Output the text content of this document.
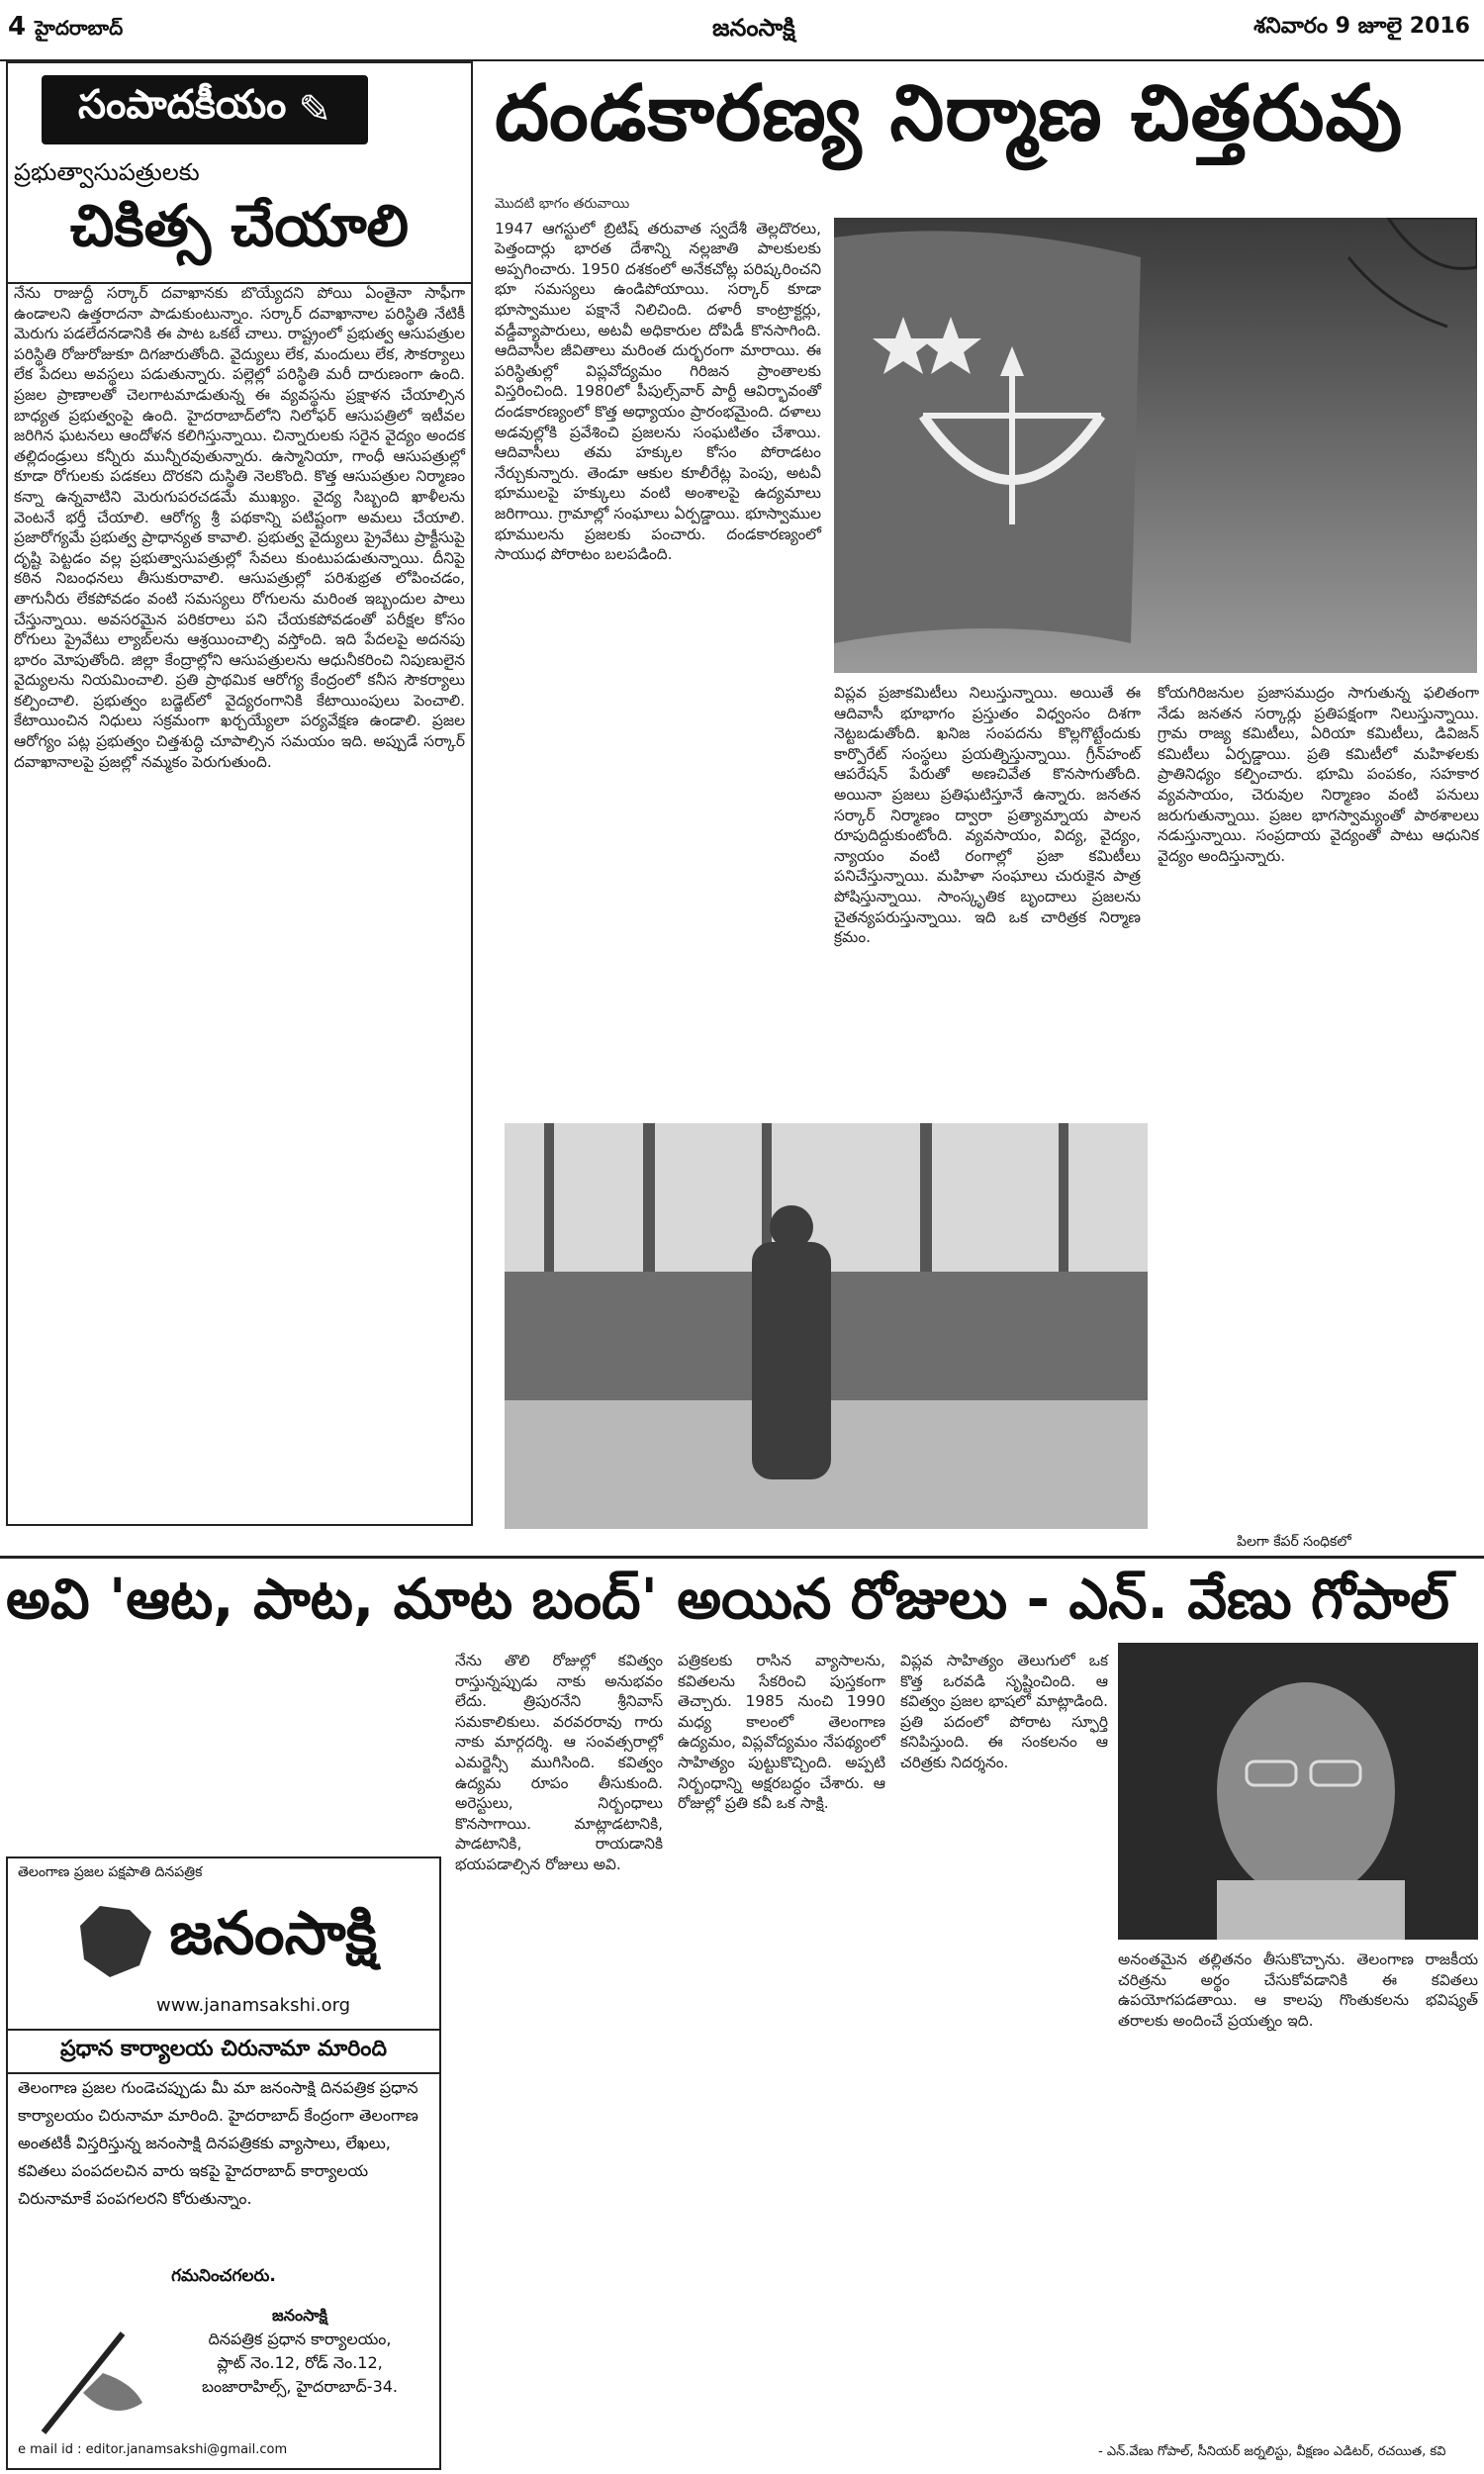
4 హైదరాబాద్	జనంసాక్షి	శనివారం 9 జూలై 2016
సంపాదకీయం ✎
ప్రభుత్వాసుపత్రులకు
చికిత్స చేయాలి
నేను రాజుద్దీ సర్కార్ దవాఖానకు బొయ్యేదని పోయి ఏంతైనా సాఫీగా ఉండాలని ఉత్తరాదనా పాడుకుంటున్నాం. సర్కార్ దవాఖానాల పరిస్థితి నేటికీ మెరుగు పడలేదనడానికి ఈ పాట ఒకటే చాలు. రాష్ట్రంలో ప్రభుత్వ ఆసుపత్రుల పరిస్థితి రోజురోజుకూ దిగజారుతోంది. వైద్యులు లేక, మందులు లేక, సౌకర్యాలు లేక పేదలు అవస్థలు పడుతున్నారు. పల్లెల్లో పరిస్థితి మరీ దారుణంగా ఉంది. ప్రజల ప్రాణాలతో చెలగాటమాడుతున్న ఈ వ్యవస్థను ప్రక్షాళన చేయాల్సిన బాధ్యత ప్రభుత్వంపై ఉంది. హైదరాబాద్‌లోని నిలోఫర్ ఆసుపత్రిలో ఇటీవల జరిగిన ఘటనలు ఆందోళన కలిగిస్తున్నాయి. చిన్నారులకు సరైన వైద్యం అందక తల్లిదండ్రులు కన్నీరు మున్నీరవుతున్నారు. ఉస్మానియా, గాంధీ ఆసుపత్రుల్లో కూడా రోగులకు పడకలు దొరకని దుస్థితి నెలకొంది. కొత్త ఆసుపత్రుల నిర్మాణం కన్నా ఉన్నవాటిని మెరుగుపరచడమే ముఖ్యం. వైద్య సిబ్బంది ఖాళీలను వెంటనే భర్తీ చేయాలి. ఆరోగ్య శ్రీ పథకాన్ని పటిష్టంగా అమలు చేయాలి. ప్రజారోగ్యమే ప్రభుత్వ ప్రాధాన్యత కావాలి. ప్రభుత్వ వైద్యులు ప్రైవేటు ప్రాక్టీసుపై దృష్టి పెట్టడం వల్ల ప్రభుత్వాసుపత్రుల్లో సేవలు కుంటుపడుతున్నాయి. దీనిపై కఠిన నిబంధనలు తీసుకురావాలి. ఆసుపత్రుల్లో పరిశుభ్రత లోపించడం, తాగునీరు లేకపోవడం వంటి సమస్యలు రోగులను మరింత ఇబ్బందుల పాలు చేస్తున్నాయి. అవసరమైన పరికరాలు పని చేయకపోవడంతో పరీక్షల కోసం రోగులు ప్రైవేటు ల్యాబ్‌లను ఆశ్రయించాల్సి వస్తోంది. ఇది పేదలపై అదనపు భారం మోపుతోంది. జిల్లా కేంద్రాల్లోని ఆసుపత్రులను ఆధునీకరించి నిపుణులైన వైద్యులను నియమించాలి. ప్రతి ప్రాథమిక ఆరోగ్య కేంద్రంలో కనీస సౌకర్యాలు కల్పించాలి. ప్రభుత్వం బడ్జెట్‌లో వైద్యరంగానికి కేటాయింపులు పెంచాలి. కేటాయించిన నిధులు సక్రమంగా ఖర్చయ్యేలా పర్యవేక్షణ ఉండాలి. ప్రజల ఆరోగ్యం పట్ల ప్రభుత్వం చిత్తశుద్ధి చూపాల్సిన సమయం ఇది. అప్పుడే సర్కార్ దవాఖానాలపై ప్రజల్లో నమ్మకం పెరుగుతుంది.
దండకారణ్య నిర్మాణ చిత్తరువు
మొదటి భాగం తరువాయి
1947 ఆగస్టులో బ్రిటిష్ తరువాత స్వదేశీ తెల్లదొరలు, పెత్తందార్లు భారత దేశాన్ని నల్లజాతి పాలకులకు అప్పగించారు. 1950 దశకంలో అనేకచోట్ల పరిష్కరించని భూ సమస్యలు ఉండిపోయాయి. సర్కార్ కూడా భూస్వాముల పక్షానే నిలిచింది. దళారీ కాంట్రాక్టర్లు, వడ్డీవ్యాపారులు, అటవీ అధికారుల దోపిడీ కొనసాగింది. ఆదివాసీల జీవితాలు మరింత దుర్భరంగా మారాయి. ఈ పరిస్థితుల్లో విప్లవోద్యమం గిరిజన ప్రాంతాలకు విస్తరించింది. 1980లో పీపుల్స్‌వార్ పార్టీ ఆవిర్భావంతో దండకారణ్యంలో కొత్త అధ్యాయం ప్రారంభమైంది. దళాలు అడవుల్లోకి ప్రవేశించి ప్రజలను సంఘటితం చేశాయి. ఆదివాసీలు తమ హక్కుల కోసం పోరాడటం నేర్చుకున్నారు. తెండూ ఆకుల కూలీరేట్ల పెంపు, అటవీ భూములపై హక్కులు వంటి అంశాలపై ఉద్యమాలు జరిగాయి. గ్రామాల్లో సంఘాలు ఏర్పడ్డాయి. భూస్వాముల భూములను ప్రజలకు పంచారు. దండకారణ్యంలో సాయుధ పోరాటం బలపడింది.
విప్లవ ప్రజాకమిటీలు నిలుస్తున్నాయి. అయితే ఈ ఆదివాసీ భూభాగం ప్రస్తుతం విధ్వంసం దిశగా నెట్టబడుతోంది. ఖనిజ సంపదను కొల్లగొట్టేందుకు కార్పొరేట్ సంస్థలు ప్రయత్నిస్తున్నాయి. గ్రీన్‌హంట్ ఆపరేషన్ పేరుతో అణచివేత కొనసాగుతోంది. అయినా ప్రజలు ప్రతిఘటిస్తూనే ఉన్నారు. జనతన సర్కార్ నిర్మాణం ద్వారా ప్రత్యామ్నాయ పాలన రూపుదిద్దుకుంటోంది. వ్యవసాయం, విద్య, వైద్యం, న్యాయం వంటి రంగాల్లో ప్రజా కమిటీలు పనిచేస్తున్నాయి. మహిళా సంఘాలు చురుకైన పాత్ర పోషిస్తున్నాయి. సాంస్కృతిక బృందాలు ప్రజలను చైతన్యపరుస్తున్నాయి. ఇది ఒక చారిత్రక నిర్మాణ క్రమం.
కోయగిరిజనుల ప్రజాసముద్రం సాగుతున్న ఫలితంగా నేడు జనతన సర్కార్లు ప్రతిపక్షంగా నిలుస్తున్నాయి. గ్రామ రాజ్య కమిటీలు, ఏరియా కమిటీలు, డివిజన్ కమిటీలు ఏర్పడ్డాయి. ప్రతి కమిటీలో మహిళలకు ప్రాతినిధ్యం కల్పించారు. భూమి పంపకం, సహకార వ్యవసాయం, చెరువుల నిర్మాణం వంటి పనులు జరుగుతున్నాయి. ప్రజల భాగస్వామ్యంతో పాఠశాలలు నడుస్తున్నాయి. సంప్రదాయ వైద్యంతో పాటు ఆధునిక వైద్యం అందిస్తున్నారు.
పిలగా కేపర్ సంధికలో
అవి 'ఆట, పాట, మాట బంద్' అయిన రోజులు - ఎన్. వేణు గోపాల్
నేను తొలి రోజుల్లో కవిత్వం రాస్తున్నప్పుడు నాకు అనుభవం లేదు. త్రిపురనేని శ్రీనివాస్ సమకాలికులు. వరవరరావు గారు నాకు మార్గదర్శి. ఆ సంవత్సరాల్లో ఎమర్జెన్సీ ముగిసింది. కవిత్వం ఉద్యమ రూపం తీసుకుంది. అరెస్టులు, నిర్బంధాలు కొనసాగాయి. మాట్లాడటానికి, పాడటానికి, రాయడానికి భయపడాల్సిన రోజులు అవి.
పత్రికలకు రాసిన వ్యాసాలను, కవితలను సేకరించి పుస్తకంగా తెచ్చారు. 1985 నుంచి 1990 మధ్య కాలంలో తెలంగాణ ఉద్యమం, విప్లవోద్యమం నేపథ్యంలో సాహిత్యం పుట్టుకొచ్చింది. అప్పటి నిర్బంధాన్ని అక్షరబద్ధం చేశారు. ఆ రోజుల్లో ప్రతి కవీ ఒక సాక్షి.
విప్లవ సాహిత్యం తెలుగులో ఒక కొత్త ఒరవడి సృష్టించింది. ఆ కవిత్వం ప్రజల భాషలో మాట్లాడింది. ప్రతి పదంలో పోరాట స్ఫూర్తి కనిపిస్తుంది. ఈ సంకలనం ఆ చరిత్రకు నిదర్శనం.
అనంతమైన తల్లితనం తీసుకొచ్చాను. తెలంగాణ రాజకీయ చరిత్రను అర్థం చేసుకోవడానికి ఈ కవితలు ఉపయోగపడతాయి. ఆ కాలపు గొంతుకలను భవిష్యత్ తరాలకు అందించే ప్రయత్నం ఇది.
- ఎన్.వేణు గోపాల్, సీనియర్ జర్నలిస్టు, వీక్షణం ఎడిటర్, రచయిత, కవి
తెలంగాణ ప్రజల పక్షపాతి దినపత్రిక
జనంసాక్షి
www.janamsakshi.org
ప్రధాన కార్యాలయ చిరునామా మారింది
తెలంగాణ ప్రజల గుండెచప్పుడు మీ మా జనంసాక్షి దినపత్రిక ప్రధాన కార్యాలయం చిరునామా మారింది. హైదరాబాద్ కేంద్రంగా తెలంగాణ అంతటికీ విస్తరిస్తున్న జనంసాక్షి దినపత్రికకు వ్యాసాలు, లేఖలు, కవితలు పంపదలచిన వారు ఇకపై హైదరాబాద్ కార్యాలయ చిరునామాకే పంపగలరని కోరుతున్నాం.
గమనించగలరు.
జనంసాక్షి
దినపత్రిక ప్రధాన కార్యాలయం,
ప్లాట్ నెం.12, రోడ్ నెం.12,
బంజారాహిల్స్, హైదరాబాద్-34.
e mail id : editor.janamsakshi@gmail.com
